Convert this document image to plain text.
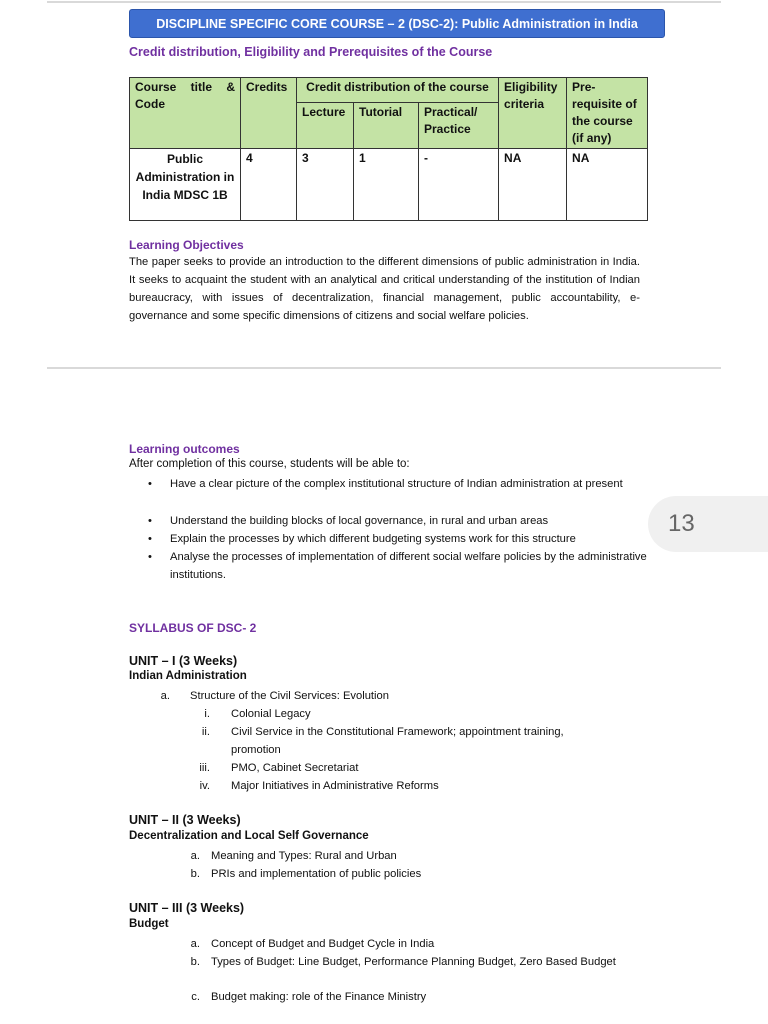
DISCIPLINE SPECIFIC CORE COURSE – 2 (DSC-2): Public Administration in India
Credit distribution, Eligibility and Prerequisites of the Course
Course title & Code	Credits	Credit distribution of the course			Eligibility criteria	Pre-requisite of the course (if any)
		Lecture	Tutorial	Practical/ Practice		
Public Administration in India MDSC 1B	4	3	1	-	NA	NA
Learning Objectives
The paper seeks to provide an introduction to the different dimensions of public administration in India. It seeks to acquaint the student with an analytical and critical understanding of the institution of Indian bureaucracy, with issues of decentralization, financial management, public accountability, e-governance and some specific dimensions of citizens and social welfare policies.
Learning outcomes
After completion of this course, students will be able to:
• Have a clear picture of the complex institutional structure of Indian administration at present
• Understand the building blocks of local governance, in rural and urban areas
• Explain the processes by which different budgeting systems work for this structure
• Analyse the processes of implementation of different social welfare policies by the administrative institutions.
13
SYLLABUS OF DSC- 2
UNIT – I (3 Weeks)
Indian Administration
a. Structure of the Civil Services: Evolution
i. Colonial Legacy
ii. Civil Service in the Constitutional Framework; appointment training, promotion
iii. PMO, Cabinet Secretariat
iv. Major Initiatives in Administrative Reforms
UNIT – II (3 Weeks)
Decentralization and Local Self Governance
a. Meaning and Types: Rural and Urban
b. PRIs and implementation of public policies
UNIT – III (3 Weeks)
Budget
a. Concept of Budget and Budget Cycle in India
b. Types of Budget: Line Budget, Performance Planning Budget, Zero Based Budget
c. Budget making: role of the Finance Ministry
